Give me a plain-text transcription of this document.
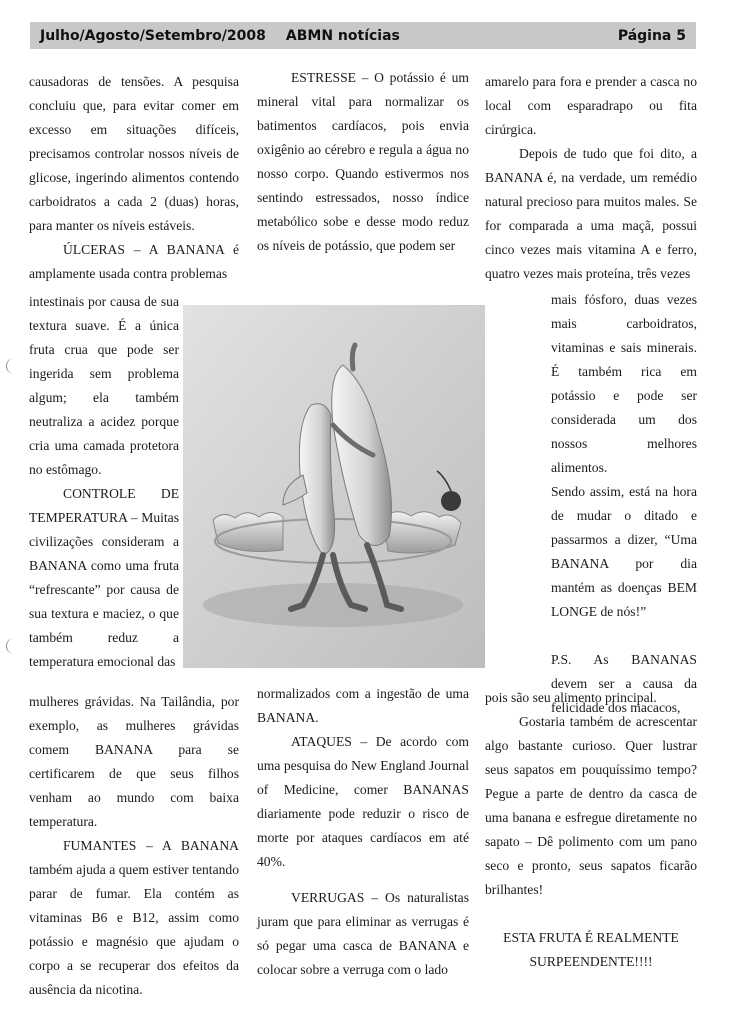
Julho/Agosto/Setembro/2008 ABMN notícias	Página 5

causadoras de tensões. A pesquisa concluiu que, para evitar comer em excesso em situações difíceis, precisamos controlar nossos níveis de glicose, ingerindo alimentos contendo carboidratos a cada 2 (duas) horas, para manter os níveis estáveis.

ÚLCERAS – A BANANA é amplamente usada contra problemas

intestinais por causa de sua textura suave. É a única fruta crua que pode ser ingerida sem problema algum; ela também neutraliza a acidez porque cria uma camada protetora no estômago.

CONTROLE DE TEMPERATURA – Muitas civilizações consideram a BANANA como uma fruta “refrescante” por causa de sua textura e maciez, o que também reduz a temperatura emocional das

mulheres grávidas. Na Tailândia, por exemplo, as mulheres grávidas comem BANANA para se certificarem de que seus filhos venham ao mundo com baixa temperatura.

FUMANTES – A BANANA também ajuda a quem estiver tentando parar de fumar. Ela contém as vitaminas B6 e B12, assim como potássio e magnésio que ajudam o corpo a se recuperar dos efeitos da ausência da nicotina.

ESTRESSE – O potássio é um mineral vital para normalizar os batimentos cardíacos, pois envia oxigênio ao cérebro e regula a água no nosso corpo. Quando estivermos nos sentindo estressados, nosso índice metabólico sobe e desse modo reduz os níveis de potássio, que podem ser

normalizados com a ingestão de uma BANANA.

ATAQUES – De acordo com uma pesquisa do New England Journal of Medicine, comer BANANAS diariamente pode reduzir o risco de morte por ataques cardíacos em até 40%.

VERRUGAS – Os naturalistas juram que para eliminar as verrugas é só pegar uma casca de BANANA e colocar sobre a verruga com o lado

amarelo para fora e prender a casca no local com esparadrapo ou fita cirúrgica.

Depois de tudo que foi dito, a BANANA é, na verdade, um remédio natural precioso para muitos males. Se for comparada a uma maçã, possui cinco vezes mais vitamina A e ferro, quatro vezes mais proteína, três vezes

mais fósforo, duas vezes mais carboidratos, vitaminas e sais minerais. É também rica em potássio e pode ser considerada um dos nossos melhores alimentos.

Sendo assim, está na hora de mudar o ditado e passarmos a dizer, “Uma BANANA por dia mantém as doenças BEM LONGE de nós!”

P.S. As BANANAS devem ser a causa da felicidade dos macacos,

pois são seu alimento principal.

Gostaria também de acrescentar algo bastante curioso. Quer lustrar seus sapatos em pouquíssimo tempo? Pegue a parte de dentro da casca de uma banana e esfregue diretamente no sapato – Dê polimento com um pano seco e pronto, seus sapatos ficarão brilhantes!

ESTA FRUTA É REALMENTE

SURPEENDENTE!!!!
